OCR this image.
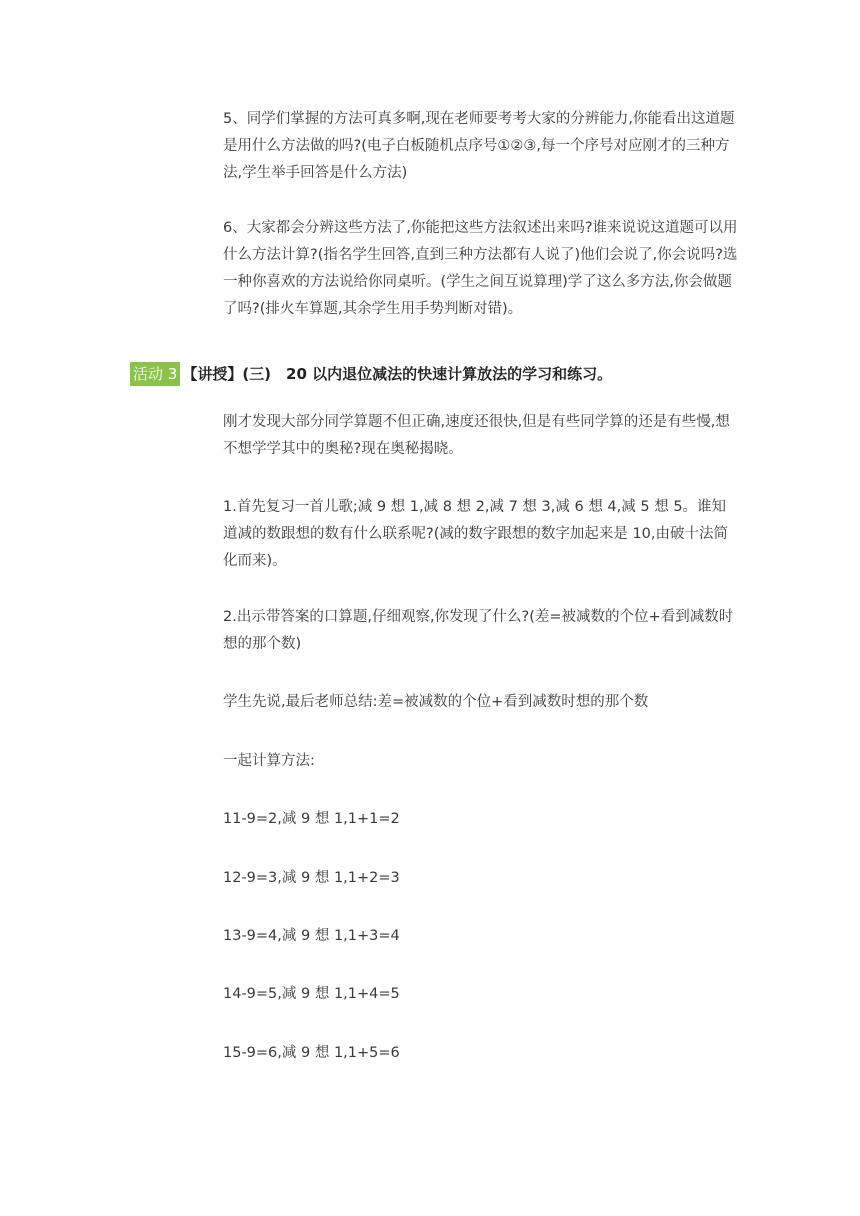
5、同学们掌握的方法可真多啊,现在老师要考考大家的分辨能力,你能看出这道题是用什么方法做的吗?(电子白板随机点序号①②③,每一个序号对应刚才的三种方法,学生举手回答是什么方法)

6、大家都会分辨这些方法了,你能把这些方法叙述出来吗?谁来说说这道题可以用什么方法计算?(指名学生回答,直到三种方法都有人说了)他们会说了,你会说吗?选一种你喜欢的方法说给你同桌听。(学生之间互说算理)学了这么多方法,你会做题了吗?(排火车算题,其余学生用手势判断对错)。

活动 3 【讲授】(三)　20 以内退位减法的快速计算放法的学习和练习。

刚才发现大部分同学算题不但正确,速度还很快,但是有些同学算的还是有些慢,想不想学学其中的奥秘?现在奥秘揭晓。

1.首先复习一首儿歌;减 9 想 1,减 8 想 2,减 7 想 3,减 6 想 4,减 5 想 5。谁知道减的数跟想的数有什么联系呢?(减的数字跟想的数字加起来是 10,由破十法简化而来)。

2.出示带答案的口算题,仔细观察,你发现了什么?(差=被减数的个位+看到减数时想的那个数)

学生先说,最后老师总结:差=被减数的个位+看到减数时想的那个数

一起计算方法:

11-9=2,减 9 想 1,1+1=2

12-9=3,减 9 想 1,1+2=3

13-9=4,减 9 想 1,1+3=4

14-9=5,减 9 想 1,1+4=5

15-9=6,减 9 想 1,1+5=6
